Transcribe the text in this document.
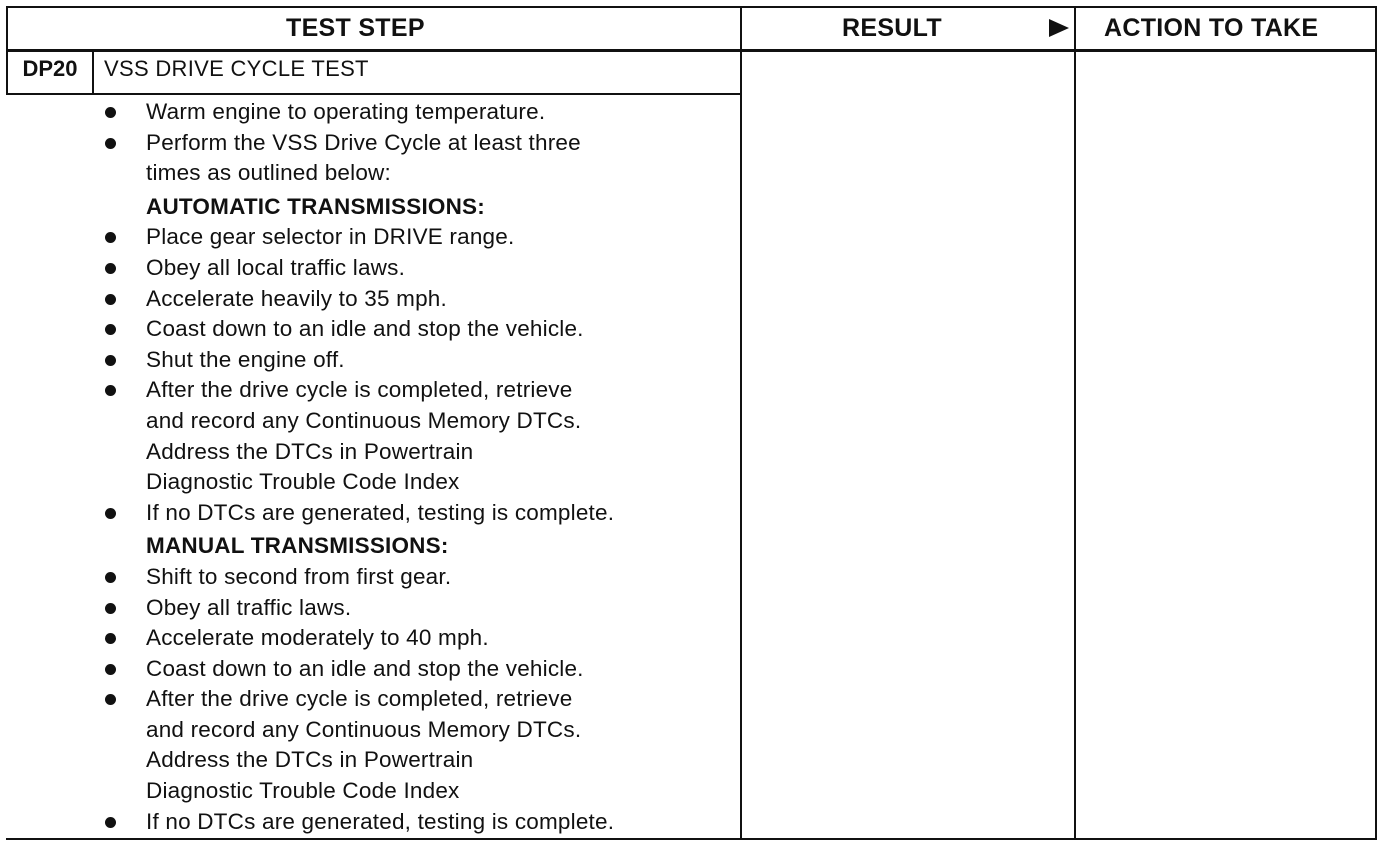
TEST STEP	RESULT	ACTION TO TAKE
DP20	VSS DRIVE CYCLE TEST
Warm engine to operating temperature.
Perform the VSS Drive Cycle at least three
times as outlined below:
AUTOMATIC TRANSMISSIONS:
Place gear selector in DRIVE range.
Obey all local traffic laws.
Accelerate heavily to 35 mph.
Coast down to an idle and stop the vehicle.
Shut the engine off.
After the drive cycle is completed, retrieve
and record any Continuous Memory DTCs.
Address the DTCs in Powertrain
Diagnostic Trouble Code Index
If no DTCs are generated, testing is complete.
MANUAL TRANSMISSIONS:
Shift to second from first gear.
Obey all traffic laws.
Accelerate moderately to 40 mph.
Coast down to an idle and stop the vehicle.
After the drive cycle is completed, retrieve
and record any Continuous Memory DTCs.
Address the DTCs in Powertrain
Diagnostic Trouble Code Index
If no DTCs are generated, testing is complete.
